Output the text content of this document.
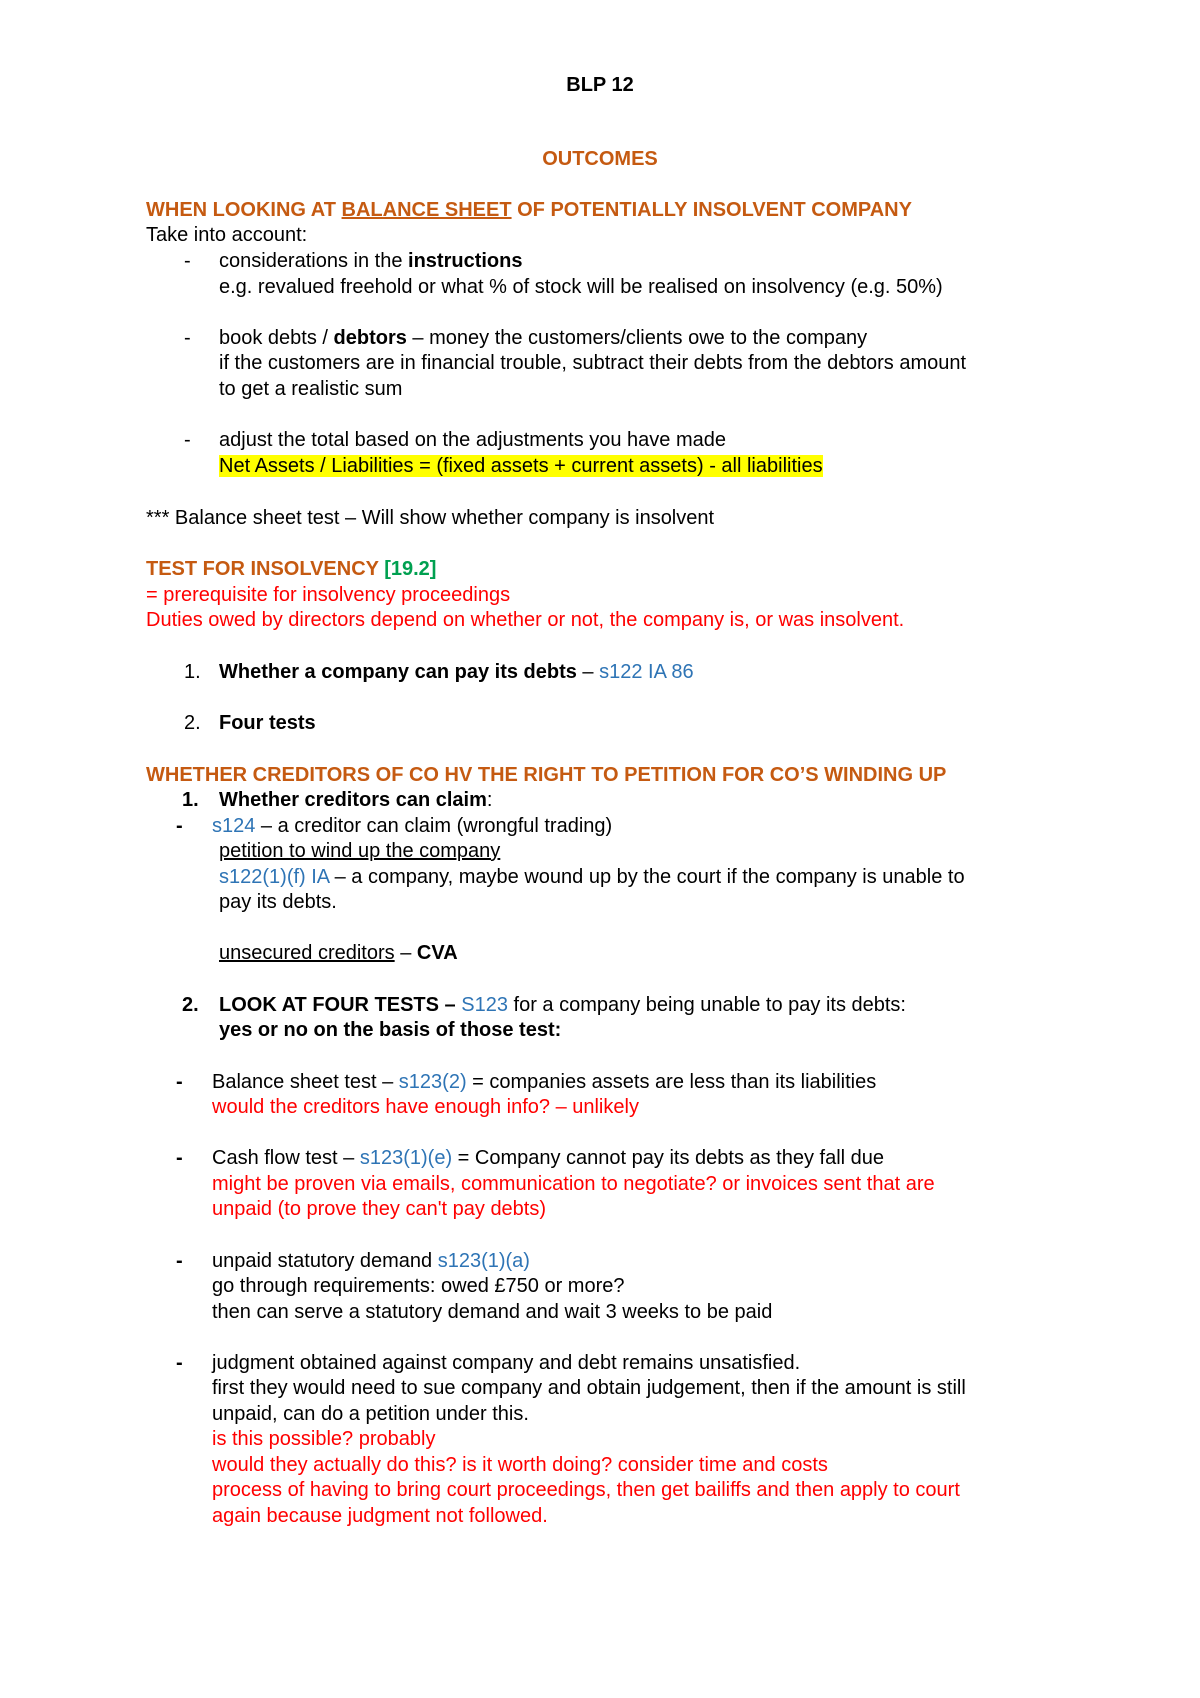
BLP 12
OUTCOMES
WHEN LOOKING AT BALANCE SHEET OF POTENTIALLY INSOLVENT COMPANY
Take into account:
- considerations in the instructions
e.g. revalued freehold or what % of stock will be realised on insolvency (e.g. 50%)
- book debts / debtors – money the customers/clients owe to the company
if the customers are in financial trouble, subtract their debts from the debtors amount
to get a realistic sum
- adjust the total based on the adjustments you have made
Net Assets / Liabilities = (fixed assets + current assets) - all liabilities
*** Balance sheet test – Will show whether company is insolvent
TEST FOR INSOLVENCY [19.2]
= prerequisite for insolvency proceedings
Duties owed by directors depend on whether or not, the company is, or was insolvent.
1. Whether a company can pay its debts – s122 IA 86
2. Four tests
WHETHER CREDITORS OF CO HV THE RIGHT TO PETITION FOR CO’S WINDING UP
1. Whether creditors can claim:
- s124 – a creditor can claim (wrongful trading)
petition to wind up the company
s122(1)(f) IA – a company, maybe wound up by the court if the company is unable to
pay its debts.
unsecured creditors – CVA
2. LOOK AT FOUR TESTS – S123 for a company being unable to pay its debts:
yes or no on the basis of those test:
- Balance sheet test – s123(2) = companies assets are less than its liabilities
would the creditors have enough info? – unlikely
- Cash flow test – s123(1)(e) = Company cannot pay its debts as they fall due
might be proven via emails, communication to negotiate? or invoices sent that are
unpaid (to prove they can't pay debts)
- unpaid statutory demand s123(1)(a)
go through requirements: owed £750 or more?
then can serve a statutory demand and wait 3 weeks to be paid
- judgment obtained against company and debt remains unsatisfied.
first they would need to sue company and obtain judgement, then if the amount is still
unpaid, can do a petition under this.
is this possible? probably
would they actually do this? is it worth doing? consider time and costs
process of having to bring court proceedings, then get bailiffs and then apply to court
again because judgment not followed.
